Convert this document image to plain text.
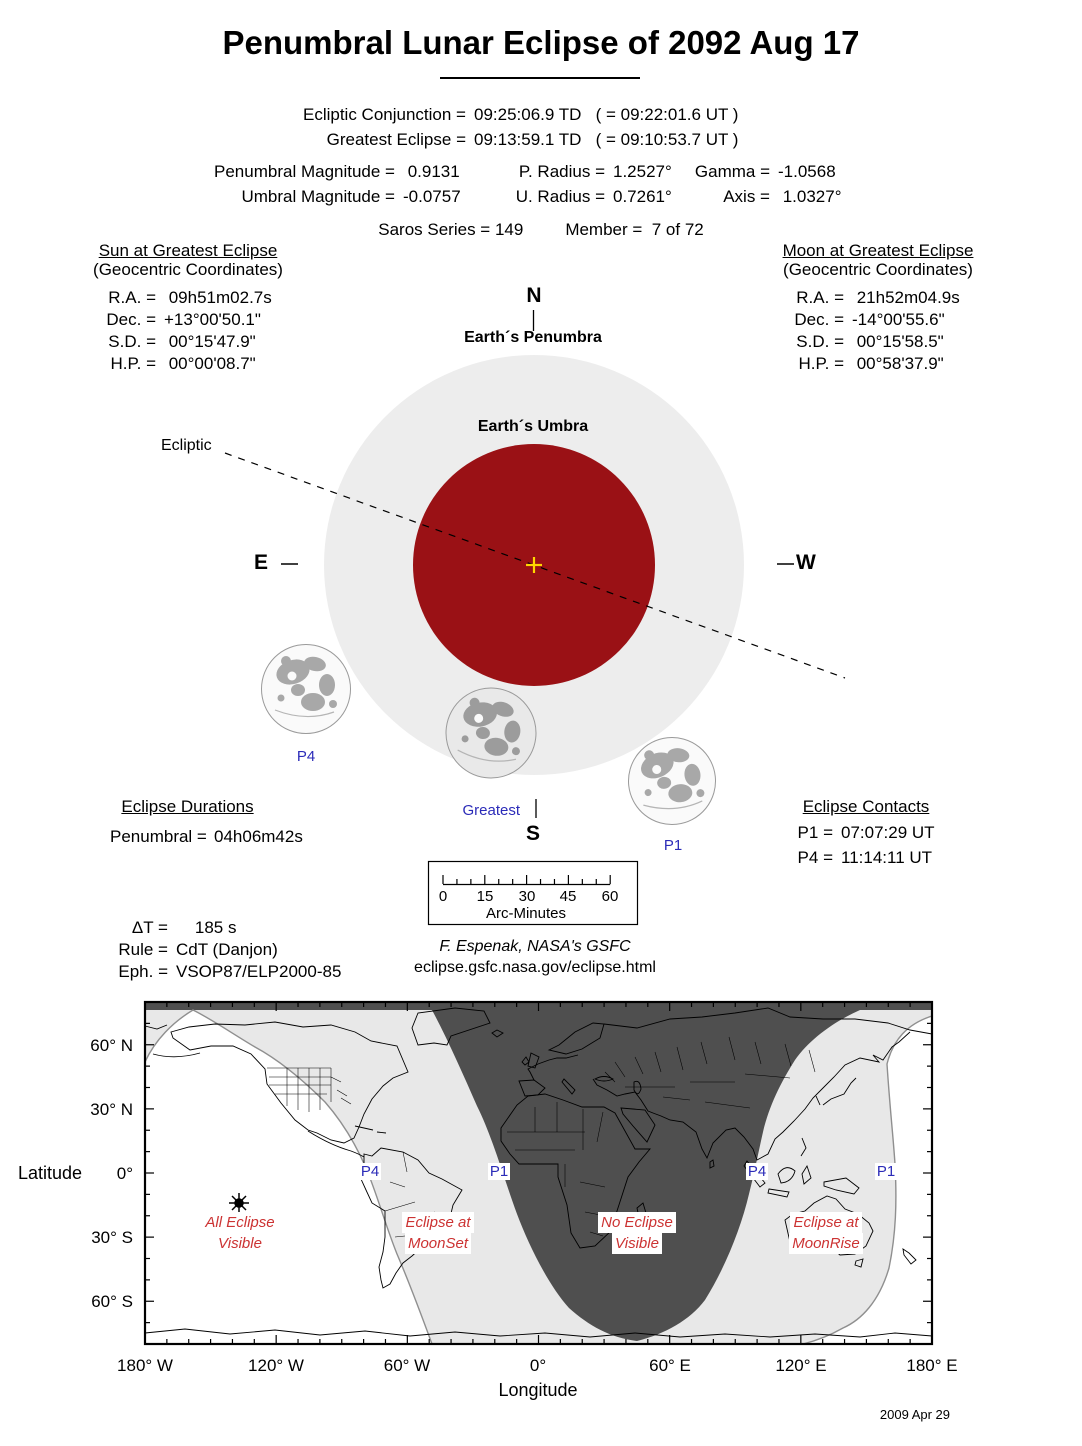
Penumbral Lunar Eclipse of 2092 Aug 17
Ecliptic Conjunction = 09:25:06.9 TD   ( = 09:22:01.6 UT )
Greatest Eclipse = 09:13:59.1 TD   ( = 09:10:53.7 UT )
Penumbral Magnitude = 0.9131
Umbral Magnitude = -0.0757
P. Radius = 1.2527°
U. Radius = 0.7261°
Gamma = -1.0568
Axis = 1.0327°
Saros Series = 149 Member =  7 of 72
Sun at Greatest Eclipse
(Geocentric Coordinates)
R.A. = 09h51m02.7s
Dec. = +13°00'50.1"
S.D. = 00°15'47.9"
H.P. = 00°00'08.7"
Moon at Greatest Eclipse
(Geocentric Coordinates)
R.A. = 21h52m04.9s
Dec. = -14°00'55.6"
S.D. = 00°15'58.5"
H.P. = 00°58'37.9"
N
Earth´s Penumbra
Earth´s Umbra
Ecliptic
E	W
P4
Greatest
S
P1
Eclipse Durations
Penumbral = 04h06m42s
Eclipse Contacts
P1 = 07:07:29 UT
P4 = 11:14:11 UT
0	15	30	45	60
Arc-Minutes
ΔT = 185 s
Rule = CdT (Danjon)
Eph. = VSOP87/ELP2000-85
F. Espenak, NASA's GSFC
eclipse.gsfc.nasa.gov/eclipse.html
60° N
30° N
0°
30° S
60° S
Latitude
180° W	120° W	60° W	0°	60° E	120° E	180° E
Longitude
P4	P1	P4	P1
All Eclipse
Visible
Eclipse at
MoonSet
No Eclipse
Visible
Eclipse at
MoonRise
2009 Apr 29
